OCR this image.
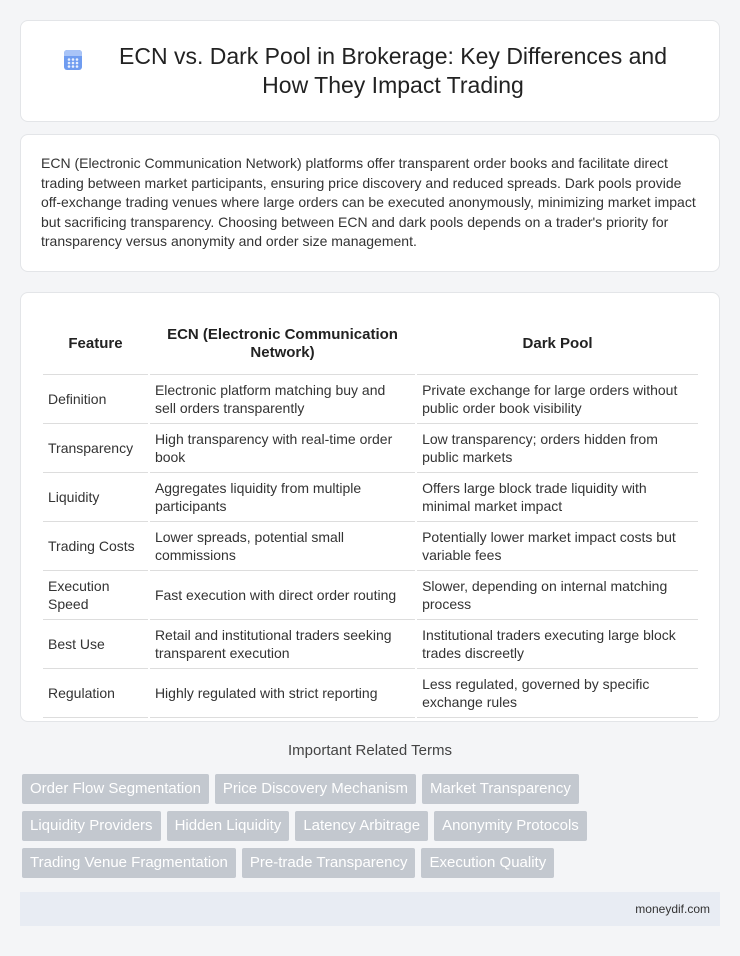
ECN vs. Dark Pool in Brokerage: Key Differences and How They Impact Trading

ECN (Electronic Communication Network) platforms offer transparent order books and facilitate direct trading between market participants, ensuring price discovery and reduced spreads. Dark pools provide off-exchange trading venues where large orders can be executed anonymously, minimizing market impact but sacrificing transparency. Choosing between ECN and dark pools depends on a trader's priority for transparency versus anonymity and order size management.

Feature	ECN (Electronic Communication Network)	Dark Pool
Definition	Electronic platform matching buy and sell orders transparently	Private exchange for large orders without public order book visibility
Transparency	High transparency with real-time order book	Low transparency; orders hidden from public markets
Liquidity	Aggregates liquidity from multiple participants	Offers large block trade liquidity with minimal market impact
Trading Costs	Lower spreads, potential small commissions	Potentially lower market impact costs but variable fees
Execution Speed	Fast execution with direct order routing	Slower, depending on internal matching process
Best Use	Retail and institutional traders seeking transparent execution	Institutional traders executing large block trades discreetly
Regulation	Highly regulated with strict reporting	Less regulated, governed by specific exchange rules
Important Related Terms
Order Flow Segmentation	Price Discovery Mechanism	Market Transparency
Liquidity Providers	Hidden Liquidity	Latency Arbitrage	Anonymity Protocols
Trading Venue Fragmentation	Pre-trade Transparency	Execution Quality
moneydif.com
